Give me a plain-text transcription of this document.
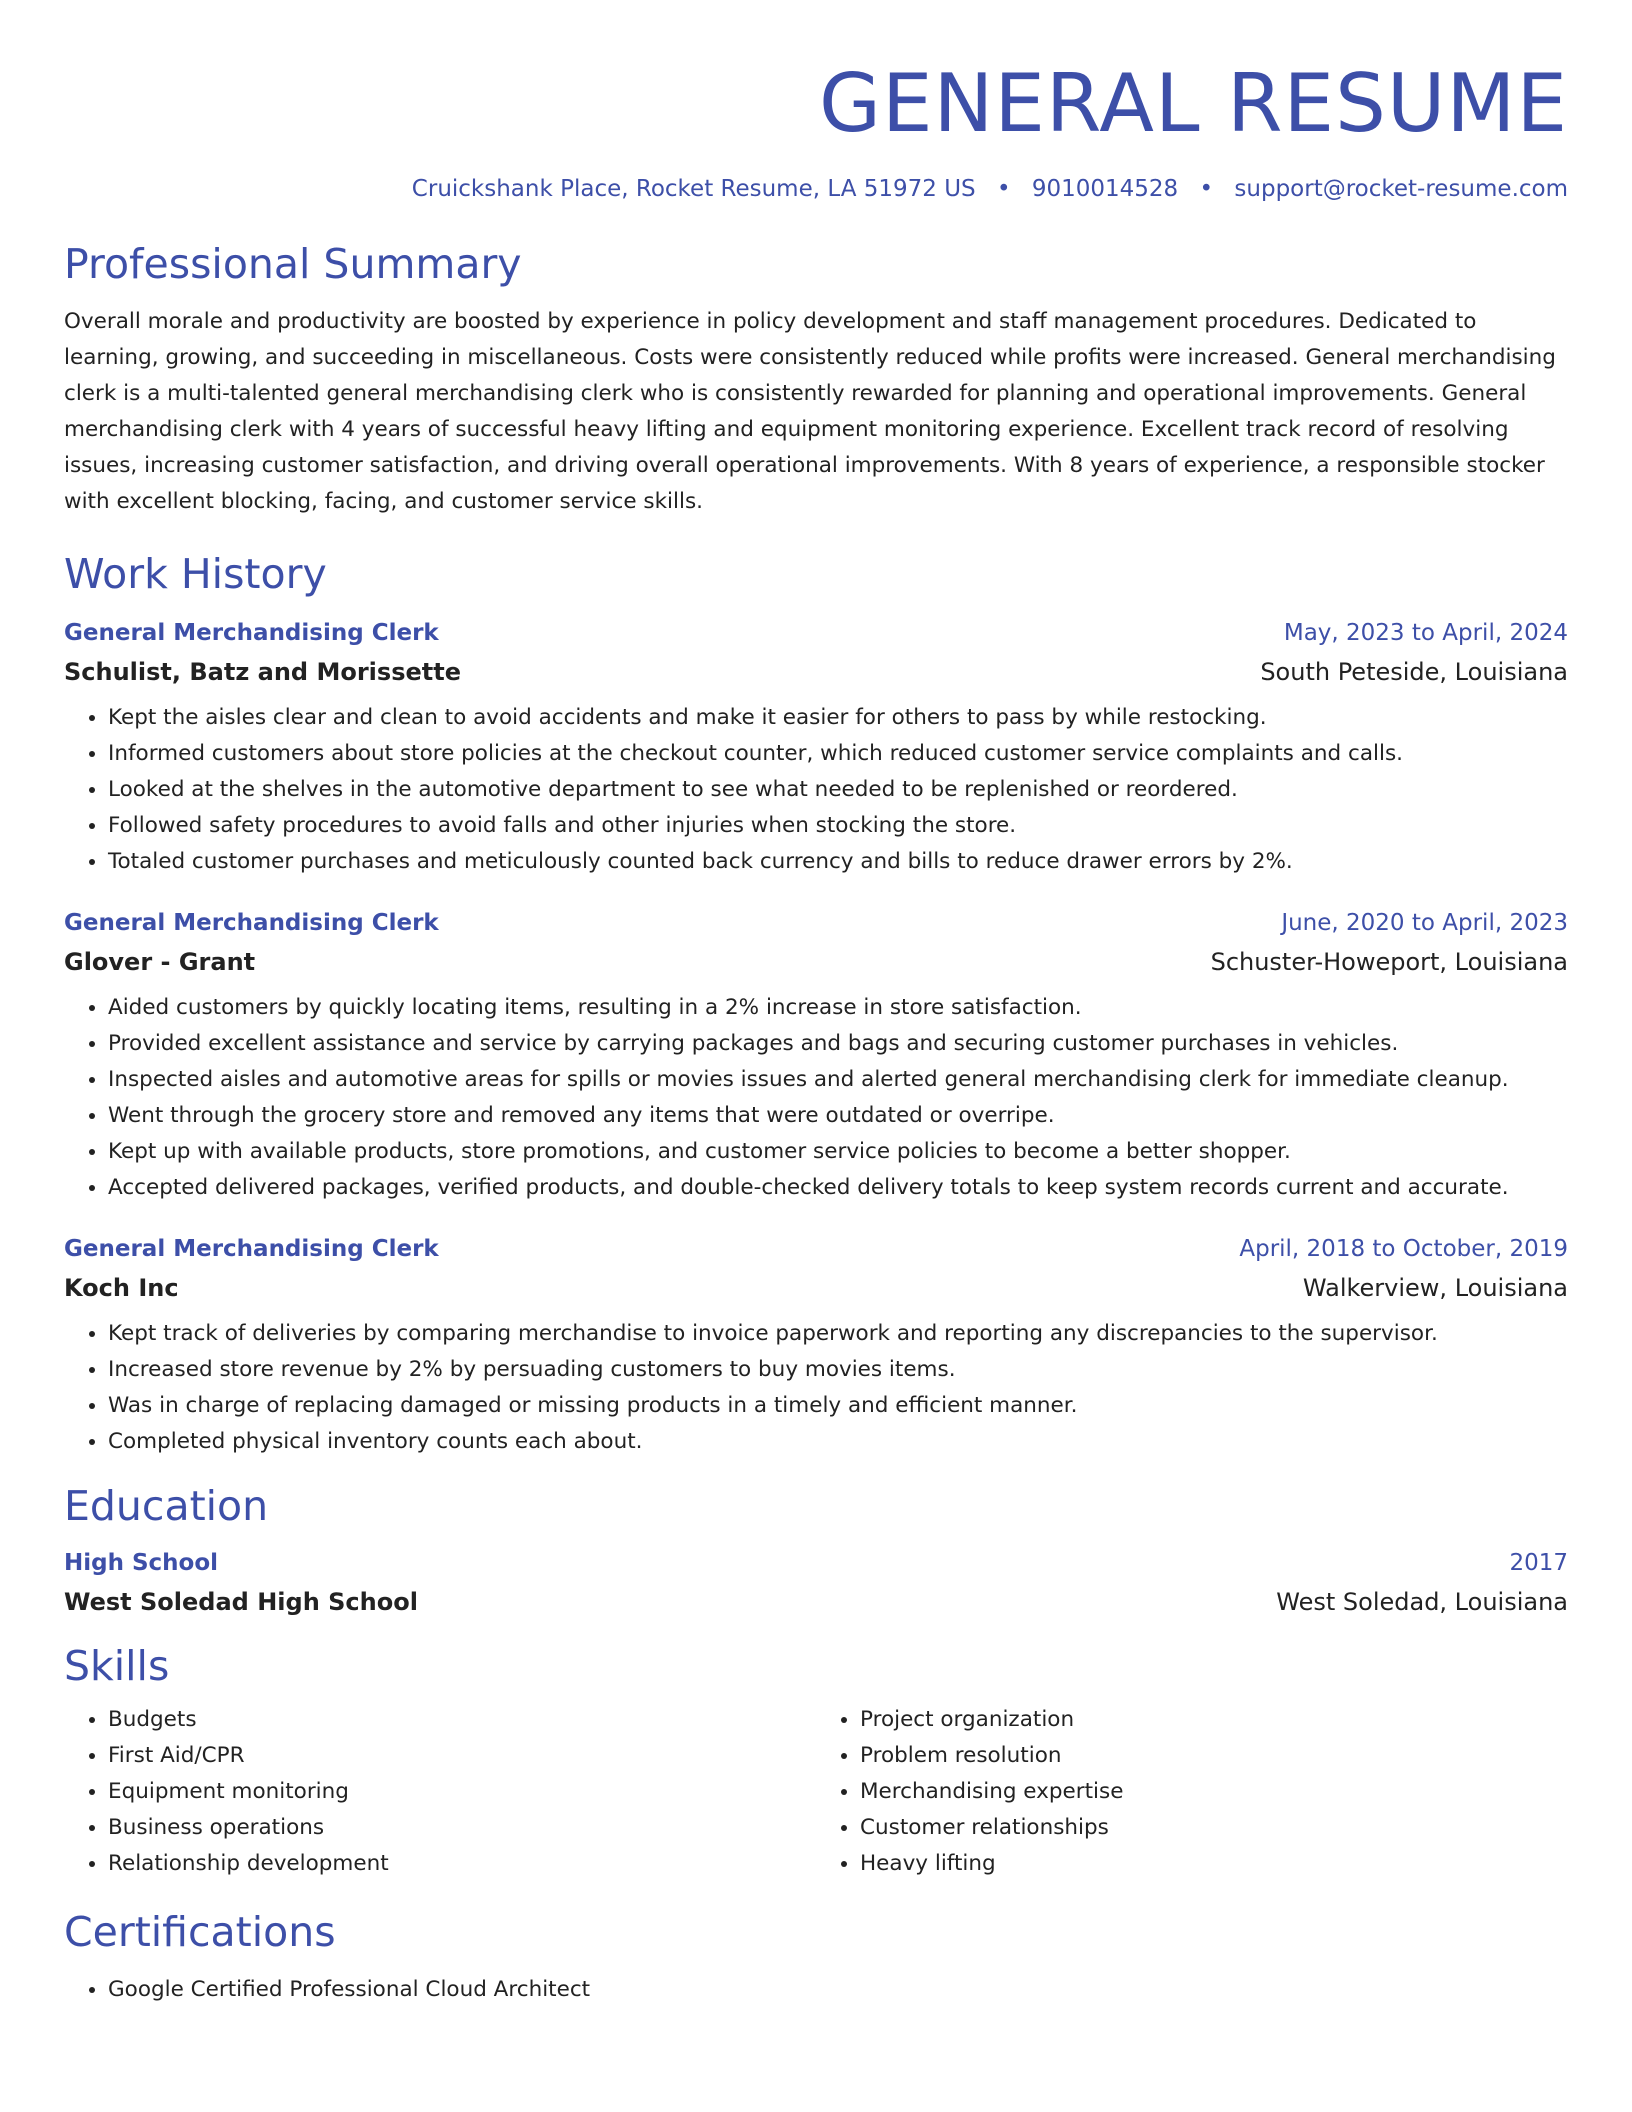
GENERAL RESUME
Cruickshank Place, Rocket Resume, LA 51972 US • 9010014528 • support@rocket-resume.com
Professional Summary
Overall morale and productivity are boosted by experience in policy development and staff management procedures. Dedicated to learning, growing, and succeeding in miscellaneous. Costs were consistently reduced while profits were increased. General merchandising clerk is a multi-talented general merchandising clerk who is consistently rewarded for planning and operational improvements. General merchandising clerk with 4 years of successful heavy lifting and equipment monitoring experience. Excellent track record of resolving issues, increasing customer satisfaction, and driving overall operational improvements. With 8 years of experience, a responsible stocker with excellent blocking, facing, and customer service skills.
Work History
General Merchandising Clerk	May, 2023 to April, 2024
Schulist, Batz and Morissette	South Peteside, Louisiana
• Kept the aisles clear and clean to avoid accidents and make it easier for others to pass by while restocking.
• Informed customers about store policies at the checkout counter, which reduced customer service complaints and calls.
• Looked at the shelves in the automotive department to see what needed to be replenished or reordered.
• Followed safety procedures to avoid falls and other injuries when stocking the store.
• Totaled customer purchases and meticulously counted back currency and bills to reduce drawer errors by 2%.
General Merchandising Clerk	June, 2020 to April, 2023
Glover - Grant	Schuster-Howeport, Louisiana
• Aided customers by quickly locating items, resulting in a 2% increase in store satisfaction.
• Provided excellent assistance and service by carrying packages and bags and securing customer purchases in vehicles.
• Inspected aisles and automotive areas for spills or movies issues and alerted general merchandising clerk for immediate cleanup.
• Went through the grocery store and removed any items that were outdated or overripe.
• Kept up with available products, store promotions, and customer service policies to become a better shopper.
• Accepted delivered packages, verified products, and double-checked delivery totals to keep system records current and accurate.
General Merchandising Clerk	April, 2018 to October, 2019
Koch Inc	Walkerview, Louisiana
• Kept track of deliveries by comparing merchandise to invoice paperwork and reporting any discrepancies to the supervisor.
• Increased store revenue by 2% by persuading customers to buy movies items.
• Was in charge of replacing damaged or missing products in a timely and efficient manner.
• Completed physical inventory counts each about.
Education
High School	2017
West Soledad High School	West Soledad, Louisiana
Skills
• Budgets
• First Aid/CPR
• Equipment monitoring
• Business operations
• Relationship development
• Project organization
• Problem resolution
• Merchandising expertise
• Customer relationships
• Heavy lifting
Certifications
• Google Certified Professional Cloud Architect
